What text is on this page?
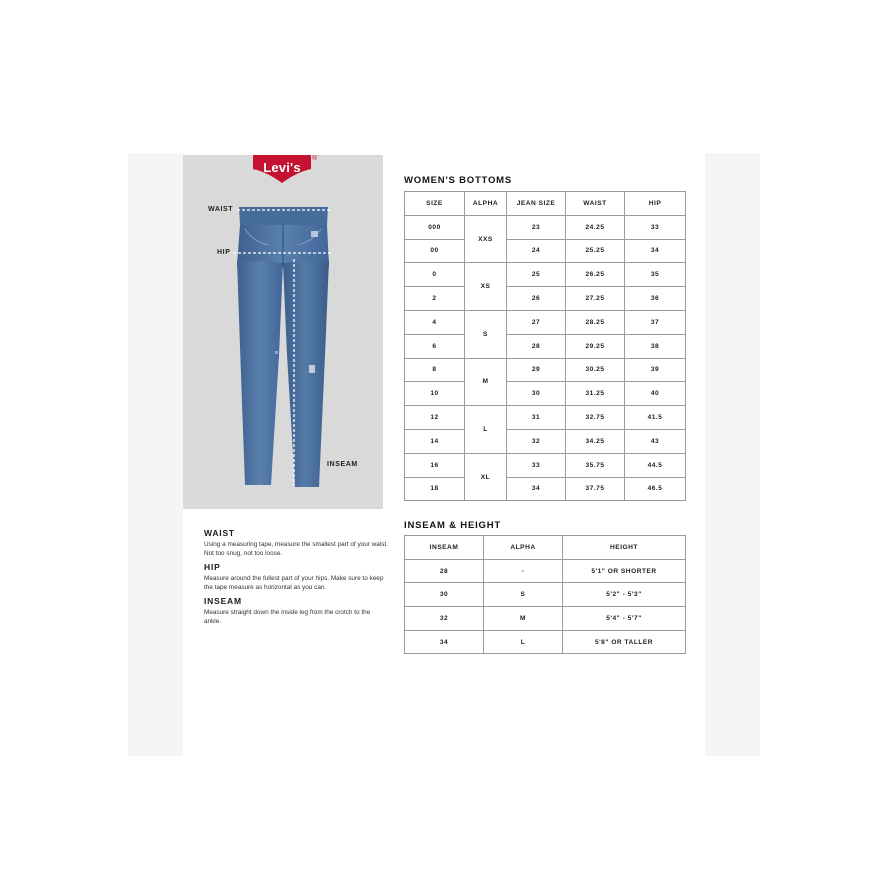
Levi's
®
WAIST
HIP
INSEAM
WAIST
Using a measuring tape, measure the smallest part of your waist. Not too snug, not too loose.
HIP
Measure around the fullest part of your hips. Make sure to keep the tape measure as horizontal as you can.
INSEAM
Measure straight down the inside leg from the crotch to the ankle.
WOMEN'S BOTTOMS
SIZE	ALPHA	JEAN SIZE	WAIST	HIP
000	XXS	23	24.25	33
00		24	25.25	34
0	XS	25	26.25	35
2		26	27.25	36
4	S	27	28.25	37
6		28	29.25	38
8	M	29	30.25	39
10		30	31.25	40
12	L	31	32.75	41.5
14		32	34.25	43
16	XL	33	35.75	44.5
18		34	37.75	46.5
INSEAM & HEIGHT
INSEAM	ALPHA	HEIGHT
28	-	5'1" OR SHORTER
30	S	5'2" - 5'3"
32	M	5'4" - 5'7"
34	L	5'8" OR TALLER
